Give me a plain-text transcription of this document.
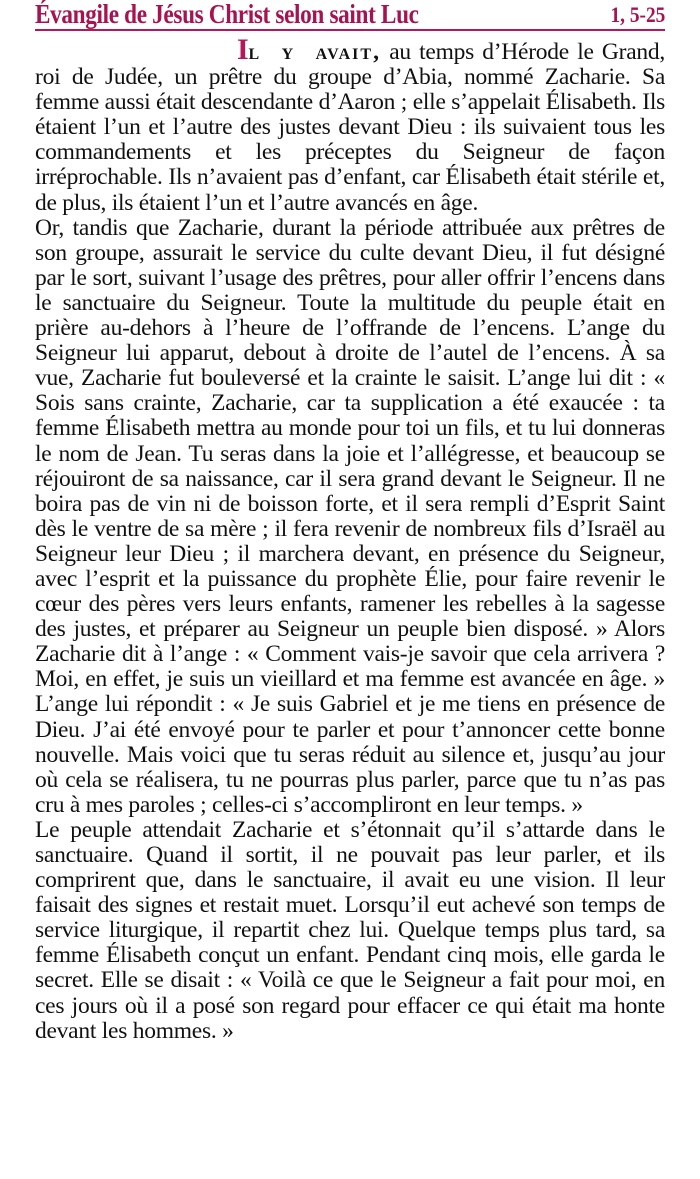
Évangile de Jésus Christ selon saint Luc	1, 5-25

Il y avait, au temps d’Hérode le Grand, roi de Judée, un prêtre du groupe d’Abia, nommé Zacharie. Sa femme aussi était descendante d’Aaron ; elle s’appelait Élisabeth. Ils étaient l’un et l’autre des justes devant Dieu : ils suivaient tous les commandements et les préceptes du Seigneur de façon irréprochable. Ils n’avaient pas d’enfant, car Élisabeth était stérile et, de plus, ils étaient l’un et l’autre avancés en âge.

Or, tandis que Zacharie, durant la période attribuée aux prêtres de son groupe, assurait le service du culte devant Dieu, il fut désigné par le sort, suivant l’usage des prêtres, pour aller offrir l’encens dans le sanctuaire du Seigneur. Toute la multitude du peuple était en prière au-dehors à l’heure de l’offrande de l’encens. L’ange du Seigneur lui apparut, debout à droite de l’autel de l’encens. À sa vue, Zacharie fut bouleversé et la crainte le saisit. L’ange lui dit : « Sois sans crainte, Zacharie, car ta supplication a été exaucée : ta femme Élisabeth mettra au monde pour toi un fils, et tu lui donneras le nom de Jean. Tu seras dans la joie et l’allégresse, et beaucoup se réjouiront de sa naissance, car il sera grand devant le Seigneur. Il ne boira pas de vin ni de boisson forte, et il sera rempli d’Esprit Saint dès le ventre de sa mère ; il fera revenir de nombreux fils d’Israël au Seigneur leur Dieu ; il marchera devant, en présence du Seigneur, avec l’esprit et la puissance du prophète Élie, pour faire revenir le cœur des pères vers leurs enfants, ramener les rebelles à la sagesse des justes, et préparer au Seigneur un peuple bien disposé. » Alors Zacharie dit à l’ange : « Comment vais-je savoir que cela arrivera ? Moi, en effet, je suis un vieillard et ma femme est avancée en âge. » L’ange lui répondit : « Je suis Gabriel et je me tiens en présence de Dieu. J’ai été envoyé pour te parler et pour t’annoncer cette bonne nouvelle. Mais voici que tu seras réduit au silence et, jusqu’au jour où cela se réalisera, tu ne pourras plus parler, parce que tu n’as pas cru à mes paroles ; celles-ci s’accompliront en leur temps. »

Le peuple attendait Zacharie et s’étonnait qu’il s’attarde dans le sanctuaire. Quand il sortit, il ne pouvait pas leur parler, et ils comprirent que, dans le sanctuaire, il avait eu une vision. Il leur faisait des signes et restait muet. Lorsqu’il eut achevé son temps de service liturgique, il repartit chez lui. Quelque temps plus tard, sa femme Élisabeth conçut un enfant. Pendant cinq mois, elle garda le secret. Elle se disait : « Voilà ce que le Seigneur a fait pour moi, en ces jours où il a posé son regard pour effacer ce qui était ma honte devant les hommes. »
